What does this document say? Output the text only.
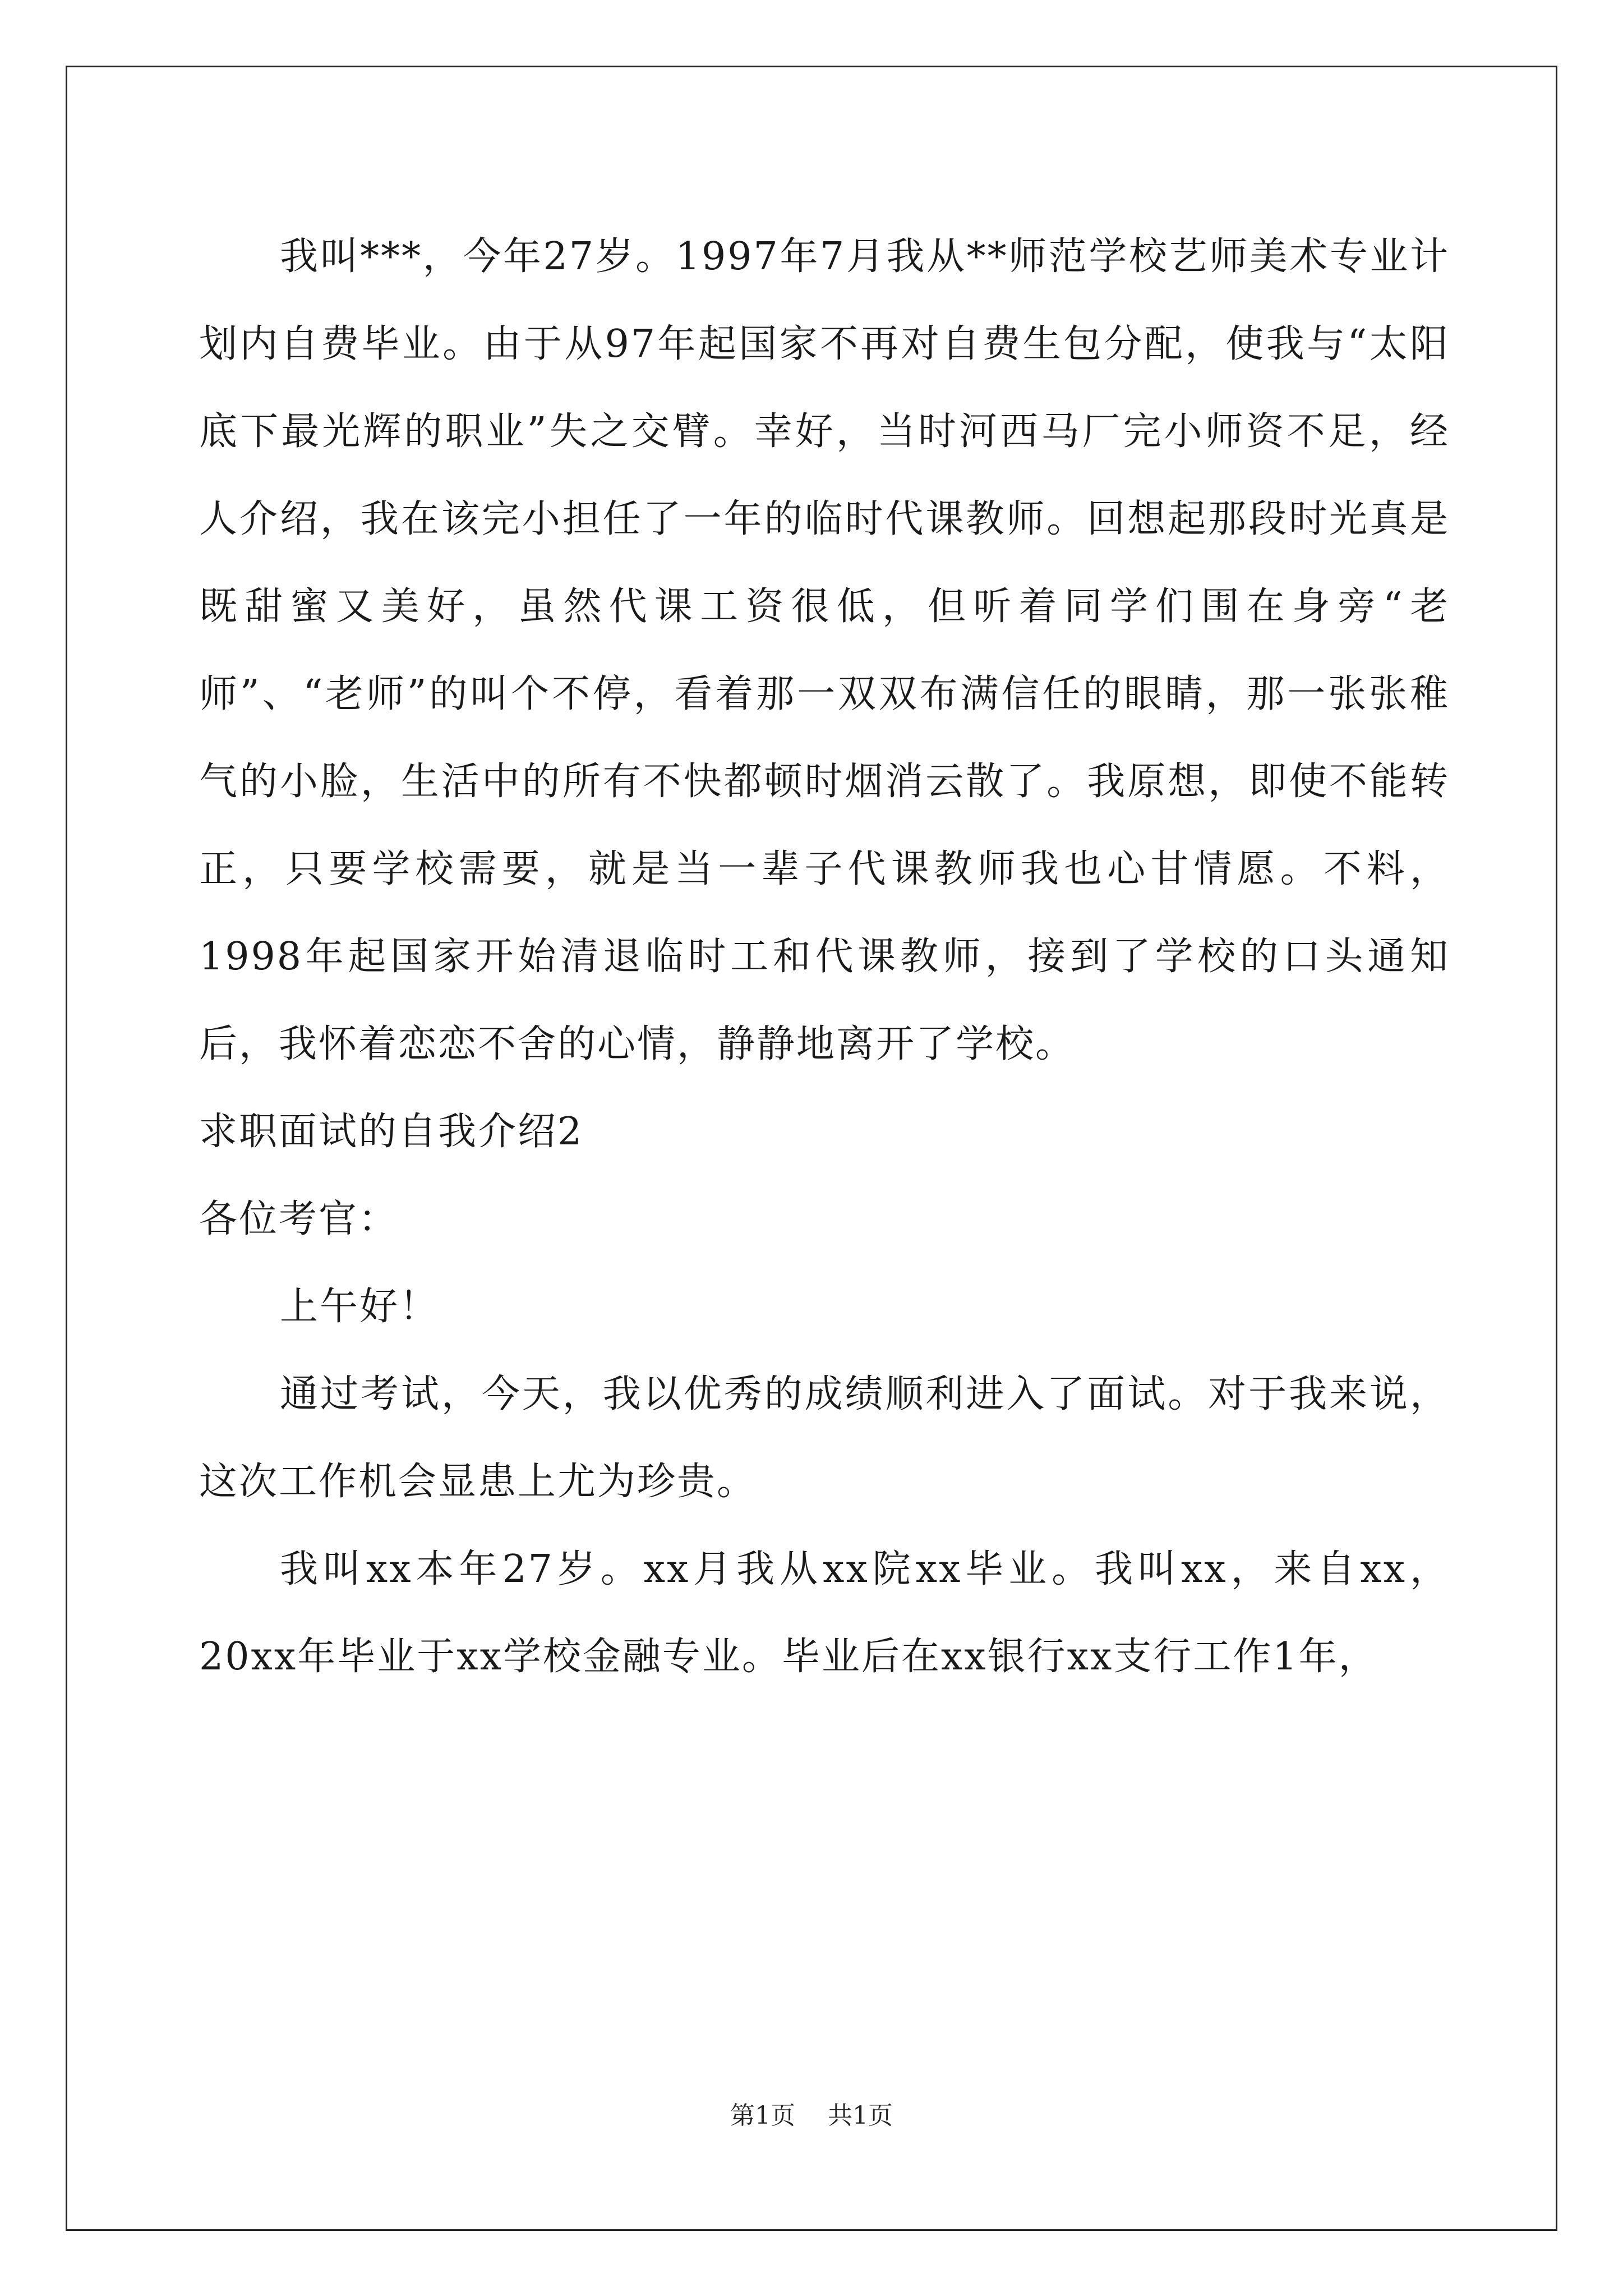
我叫***，今年27岁。1997年7月我从**师范学校艺师美术专业计划内自费毕业。由于从97年起国家不再对自费生包分配，使我与“太阳底下最光辉的职业”失之交臂。幸好，当时河西马厂完小师资不足，经人介绍，我在该完小担任了一年的临时代课教师。回想起那段时光真是既甜蜜又美好，虽然代课工资很低，但听着同学们围在身旁“老师”、“老师”的叫个不停，看着那一双双布满信任的眼睛，那一张张稚气的小脸，生活中的所有不快都顿时烟消云散了。我原想，即使不能转正，只要学校需要，就是当一辈子代课教师我也心甘情愿。不料，1998年起国家开始清退临时工和代课教师，接到了学校的口头通知后，我怀着恋恋不舍的心情，静静地离开了学校。

求职面试的自我介绍2

各位考官：

上午好！

通过考试，今天，我以优秀的成绩顺利进入了面试。对于我来说，这次工作机会显患上尤为珍贵。

我叫xx本年27岁。xx月我从xx院xx毕业。我叫xx，来自xx，20xx年毕业于xx学校金融专业。毕业后在xx银行xx支行工作1年，

第1页 共1页
